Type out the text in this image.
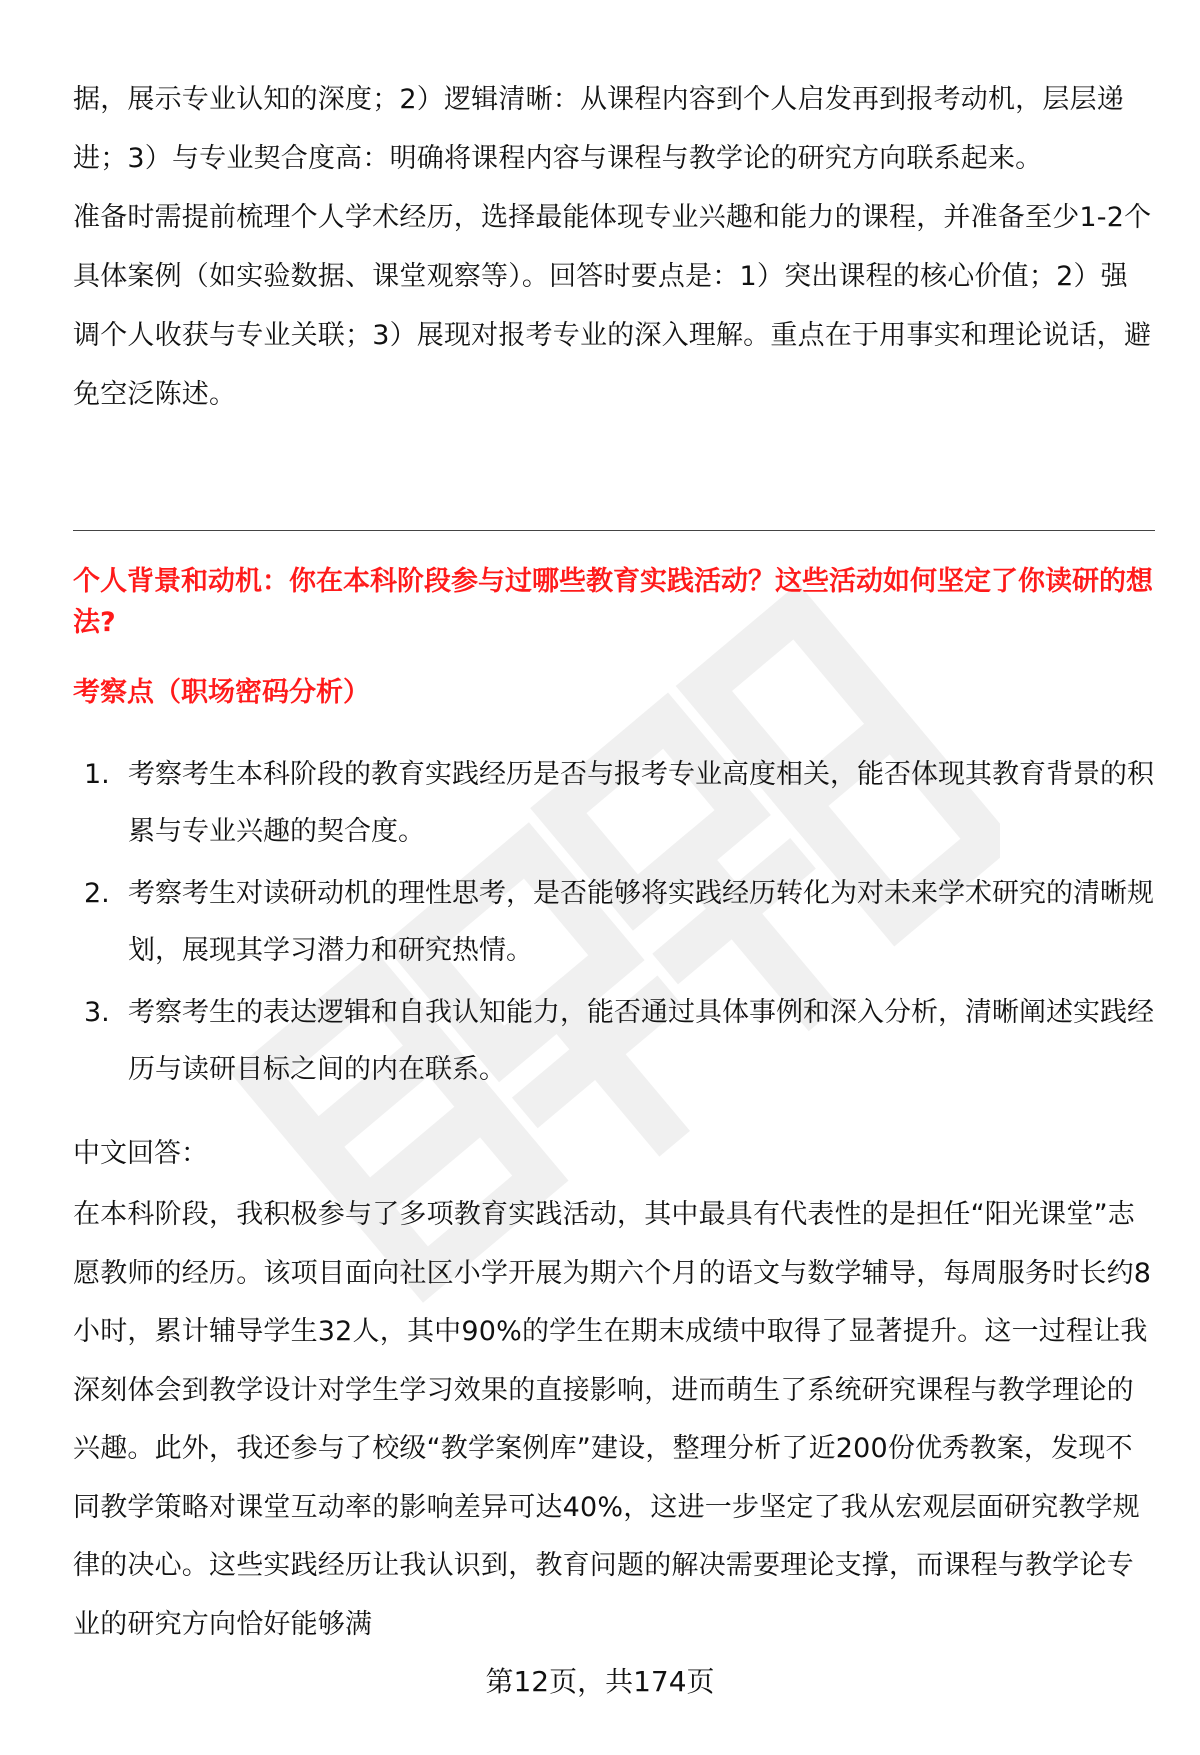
据，展示专业认知的深度；2）逻辑清晰：从课程内容到个人启发再到报考动机，层层递进；3）与专业契合度高：明确将课程内容与课程与教学论的研究方向联系起来。

准备时需提前梳理个人学术经历，选择最能体现专业兴趣和能力的课程，并准备至少1-2个具体案例（如实验数据、课堂观察等）。回答时要点是：1）突出课程的核心价值；2）强调个人收获与专业关联；3）展现对报考专业的深入理解。重点在于用事实和理论说话，避免空泛陈述。

个人背景和动机：你在本科阶段参与过哪些教育实践活动？这些活动如何坚定了你读研的想法?

考察点（职场密码分析）

1. 考察考生本科阶段的教育实践经历是否与报考专业高度相关，能否体现其教育背景的积累与专业兴趣的契合度。
2. 考察考生对读研动机的理性思考，是否能够将实践经历转化为对未来学术研究的清晰规划，展现其学习潜力和研究热情。
3. 考察考生的表达逻辑和自我认知能力，能否通过具体事例和深入分析，清晰阐述实践经历与读研目标之间的内在联系。

中文回答：

在本科阶段，我积极参与了多项教育实践活动，其中最具有代表性的是担任“阳光课堂”志愿教师的经历。该项目面向社区小学开展为期六个月的语文与数学辅导，每周服务时长约8小时，累计辅导学生32人，其中90%的学生在期末成绩中取得了显著提升。这一过程让我深刻体会到教学设计对学生学习效果的直接影响，进而萌生了系统研究课程与教学理论的兴趣。此外，我还参与了校级“教学案例库”建设，整理分析了近200份优秀教案，发现不同教学策略对课堂互动率的影响差异可达40%，这进一步坚定了我从宏观层面研究教学规律的决心。这些实践经历让我认识到，教育问题的解决需要理论支撑，而课程与教学论专业的研究方向恰好能够满

第12页，共174页
